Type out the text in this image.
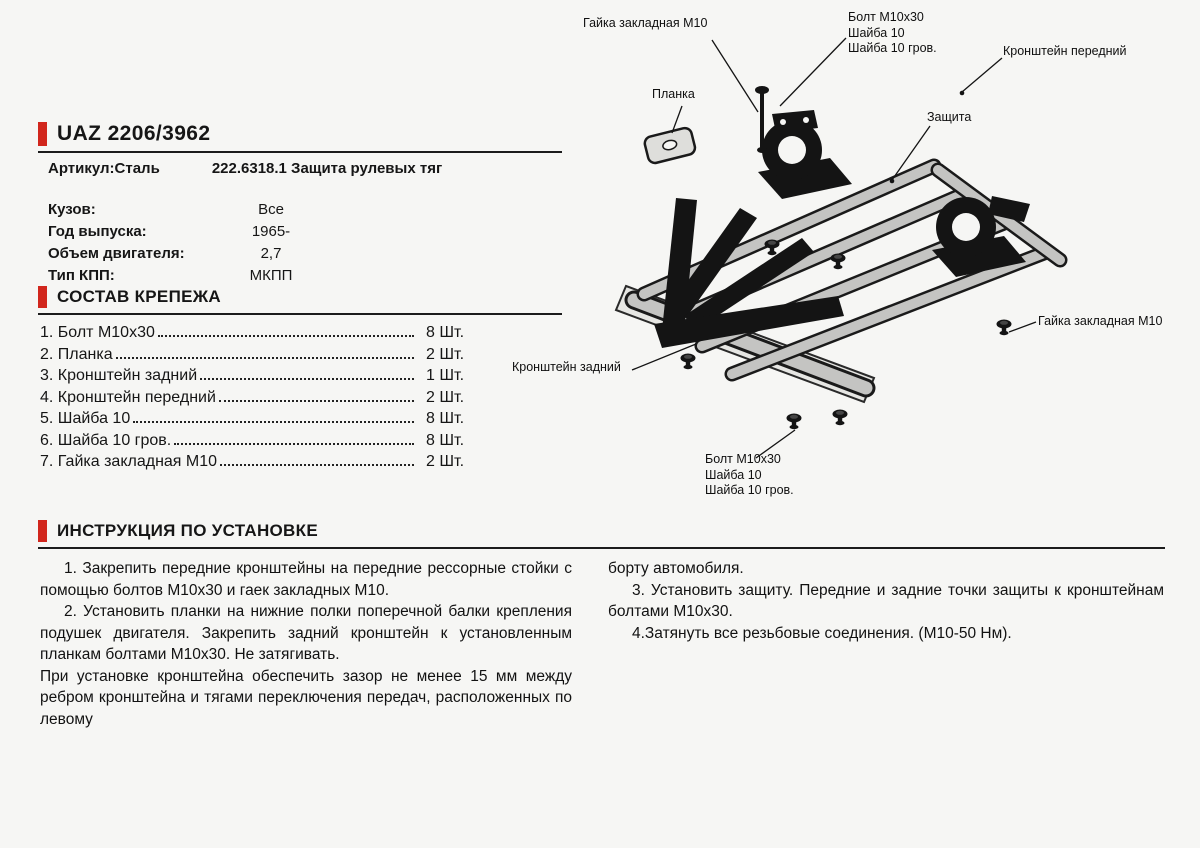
UAZ 2206/3962
Артикул:Сталь	222.6318.1 Защита рулевых тяг
Кузов:	Все
Год выпуска:	1965-
Объем двигателя:	2,7
Тип КПП:	МКПП
СОСТАВ КРЕПЕЖА
1. Болт М10х30	8 Шт.
2. Планка	2 Шт.
3. Кронштейн задний	1 Шт.
4. Кронштейн передний	2 Шт.
5. Шайба 10	8 Шт.
6. Шайба 10 гров.	8 Шт.
7. Гайка закладная М10	2 Шт.
Гайка закладная М10
Планка
Болт М10х30
Шайба 10
Шайба 10 гров.	Кронштейн передний
Защита
Гайка закладная М10
Кронштейн задний
Болт М10х30
Шайба 10
Шайба 10 гров.
ИНСТРУКЦИЯ ПО УСТАНОВКЕ

1. Закрепить передние кронштейны на передние рессорные стойки с помощью болтов М10х30 и гаек закладных М10.

2. Установить планки на нижние полки поперечной балки крепления подушек двигателя. Закрепить задний кронштейн к установленным планкам болтами М10х30. Не затягивать.

При установке кронштейна обеспечить зазор не менее 15 мм между ребром кронштейна и тягами переключения передач, расположенных по левому

борту автомобиля.

3. Установить защиту. Передние и задние точки защиты к кронштейнам болтами М10х30.

4.Затянуть все резьбовые соединения. (М10-50 Нм).
